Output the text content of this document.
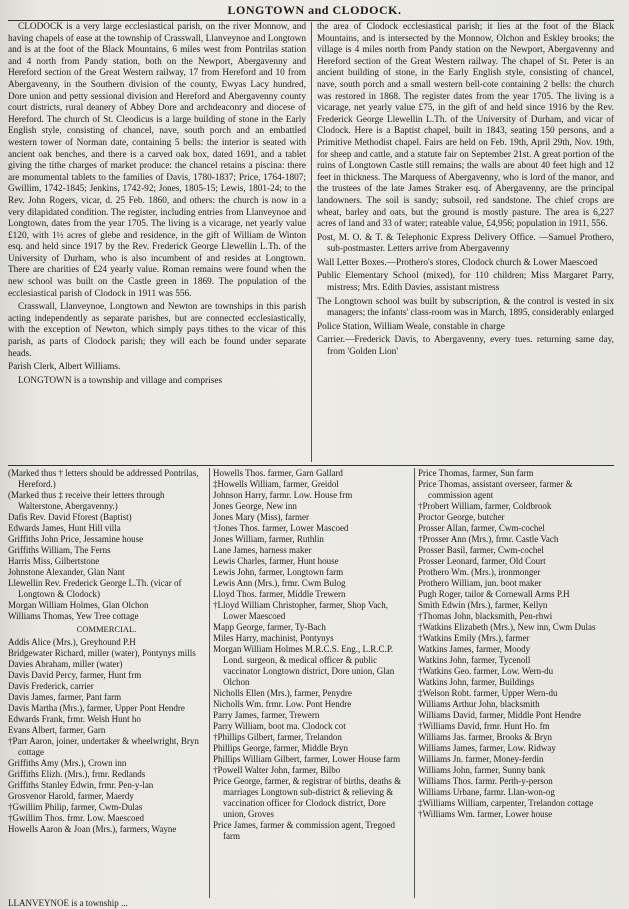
LONGTOWN and CLODOCK.

CLODOCK is a very large ecclesiastical parish, on the river Monnow, and having chapels of ease at the township of Crasswall, Llanveynoe and Longtown and is at the foot of the Black Mountains, 6 miles west from Pontrilas station and 4 north from Pandy station, both on the Newport, Abergavenny and Hereford section of the Great Western railway, 17 from Hereford and 10 from Abergavenny, in the Southern division of the county, Ewyas Lacy hundred, Dore union and petty sessional division and Hereford and Abergavenny county court districts, rural deanery of Abbey Dore and archdeaconry and diocese of Hereford. The church of St. Cleodicus is a large building of stone in the Early English style, consisting of chancel, nave, south porch and an embattled western tower of Norman date, containing 5 bells: the interior is seated with ancient oak benches, and there is a carved oak box, dated 1691, and a tablet giving the tithe charges of market produce: the chancel retains a piscina: there are monumental tablets to the families of Davis, 1780-1837; Price, 1764-1807; Gwillim, 1742-1845; Jenkins, 1742-92; Jones, 1805-15; Lewis, 1801-24; to the Rev. John Rogers, vicar, d. 25 Feb. 1860, and others: the church is now in a very dilapidated condition. The register, including entries from Llanveynoe and Longtown, dates from the year 1705. The living is a vicarage, net yearly value £120, with 1½ acres of glebe and residence, in the gift of William de Winton esq. and held since 1917 by the Rev. Frederick George Llewellin L.Th. of the University of Durham, who is also incumbent of and resides at Longtown. There are charities of £24 yearly value. Roman remains were found when the new school was built on the Castle green in 1869. The population of the ecclesiastical parish of Clodock in 1911 was 556.

Crasswall, Llanveynoe, Longtown and Newton are townships in this parish acting independently as separate parishes, but are connected ecclesiastically, with the exception of Newton, which simply pays tithes to the vicar of this parish, as parts of Clodock parish; they will each be found under separate heads.

Parish Clerk, Albert Williams.

LONGTOWN is a township and village and comprises

the area of Clodock ecclesiastical parish; it lies at the foot of the Black Mountains, and is intersected by the Monnow, Olchon and Eskley brooks; the village is 4 miles north from Pandy station on the Newport, Abergavenny and Hereford section of the Great Western railway. The chapel of St. Peter is an ancient building of stone, in the Early English style, consisting of chancel, nave, south porch and a small western bell-cote containing 2 bells: the church was restored in 1868. The register dates from the year 1705. The living is a vicarage, net yearly value £75, in the gift of and held since 1916 by the Rev. Frederick George Llewellin L.Th. of the University of Durham, and vicar of Clodock. Here is a Baptist chapel, built in 1843, seating 150 persons, and a Primitive Methodist chapel. Fairs are held on Feb. 19th, April 29th, Nov. 19th, for sheep and cattle, and a statute fair on September 21st. A great portion of the ruins of Longtown Castle still remains; the walls are about 40 feet high and 12 feet in thickness. The Marquess of Abergavenny, who is lord of the manor, and the trustees of the late James Straker esq. of Abergavenny, are the principal landowners. The soil is sandy; subsoil, red sandstone. The chief crops are wheat, barley and oats, but the ground is mostly pasture. The area is 6,227 acres of land and 33 of water; rateable value, £4,956; population in 1911, 556.

Post, M. O. & T. & Telephonic Express Delivery Office. —Samuel Prothero, sub-postmaster. Letters arrive from Abergavenny

Wall Letter Boxes.—Prothero's stores, Clodock church & Lower Maescoed

Public Elementary School (mixed), for 110 children; Miss Margaret Parry, mistress; Mrs. Edith Davies, assistant mistress

The Longtown school was built by subscription, & the control is vested in six managers; the infants' class-room was in March, 1895, considerably enlarged

Police Station, William Weale, constable in charge

Carrier.—Frederick Davis, to Abergavenny, every tues. returning same day, from 'Golden Lion'

(Marked thus † letters should be addressed Pontrilas, Hereford.)

(Marked thus ‡ receive their letters through Walterstone, Abergavenny.)

Dafis Rev. David Fforest (Baptist)

Edwards James, Hunt Hill villa

Griffiths John Price, Jessamine house

Griffiths William, The Ferns

Harris Miss, Gilbertstone

Johnstone Alexander, Glan Nant

Llewellin Rev. Frederick George L.Th. (vicar of Longtown & Clodock)

Morgan William Holmes, Glan Olchon

Williams Thomas, Yew Tree cottage

COMMERCIAL.

Addis Alice (Mrs.), Greyhound P.H

Bridgewater Richard, miller (water), Pontynys mills

Davies Abraham, miller (water)

Davis David Percy, farmer, Hunt frm

Davis Frederick, carrier

Davis James, farmer, Pant farm

Davis Martha (Mrs.), farmer, Upper Pont Hendre

Edwards Frank, frmr. Welsh Hunt ho

Evans Albert, farmer, Garn

†Parr Aaron, joiner, undertaker & wheelwright, Bryn cottage

Griffiths Amy (Mrs.), Crown inn

Griffiths Elizh. (Mrs.), frmr. Redlands

Griffiths Stanley Edwin, frmr. Pen-y-lan

Grosvenor Harold, farmer, Maerdy

†Gwillim Philip, farmer, Cwm-Dulas

†Gwillim Thos. frmr. Low. Maescoed

Howells Aaron & Joan (Mrs.), farmers, Wayne

Howells Thos. farmer, Garn Gallard

‡Howells William, farmer, Greidol

Johnson Harry, farmr. Low. House frm

Jones George, New inn

Jones Mary (Miss), farmer

†Jones Thos. farmer, Lower Mascoed

Jones William, farmer, Ruthlin

Lane James, harness maker

Lewis Charles, farmer, Hunt house

Lewis John, farmer, Longtown farm

Lewis Ann (Mrs.), frmr. Cwm Bulog

Lloyd Thos. farmer, Middle Trewern

†Lloyd William Christopher, farmer, Shop Vach, Lower Maescoed

Mapp George, farmer, Ty-Bach

Miles Harry, machinist, Pontynys

Morgan William Holmes M.R.C.S. Eng., L.R.C.P. Lond. surgeon, & medical officer & public vaccinator Longtown district, Dore union, Glan Olchon

Nicholls Ellen (Mrs.), farmer, Penydre

Nicholls Wm. frmr. Low. Pont Hendre

Parry James, farmer, Trewern

Parry William, boot ma. Clodock cot

†Phillips Gilbert, farmer, Trelandon

Phillips George, farmer, Middle Bryn

Phillips William Gilbert, farmer, Lower House farm

†Powell Walter John, farmer, Bilbo

Price George, farmer, & registrar of births, deaths & marriages Longtown sub-district & relieving & vaccination officer for Clodock district, Dore union, Groves

Price James, farmer & commission agent, Tregoed farm

Price Thomas, farmer, Sun farm

Price Thomas, assistant overseer, farmer & commission agent

†Probert William, farmer, Coldbrook

Proctor George, butcher

Prosser Allan, farmer, Cwm-cochel

†Prosser Ann (Mrs.), frmr. Castle Vach

Prosser Basil, farmer, Cwm-cochel

Prosser Leonard, farmer, Old Court

Prothero Wm. (Mrs.), ironmonger

Prothero William, jun. boot maker

Pugh Roger, tailor & Cornewall Arms P.H

Smith Edwin (Mrs.), farmer, Kellyn

†Thomas John, blacksmith, Pen-rhwi

†Watkins Elizabeth (Mrs.), New inn, Cwm Dulas

†Watkins Emily (Mrs.), farmer

Watkins James, farmer, Moody

Watkins John, farmer, Tycenoll

†Watkins Geo. farmer, Low. Wern-du

Watkins John, farmer, Buildings

‡Welson Robt. farmer, Upper Wern-du

Williams Arthur John, blacksmith

Williams David, farmer, Middle Pont Hendre

†Williams David, frmr. Hunt Ho. fm

Williams Jas. farmer, Brooks & Bryn

Williams James, farmer, Low. Ridway

Williams Jn. farmer, Money-ferdin

Williams John, farmer, Sunny bank

Williams Thos. farmr. Perth-y-person

Williams Urbane, farmr. Llan-won-og

‡Williams William, carpenter, Trelandon cottage

†Williams Wm. farmer, Lower house

LLANVEYNOE is a township ...
